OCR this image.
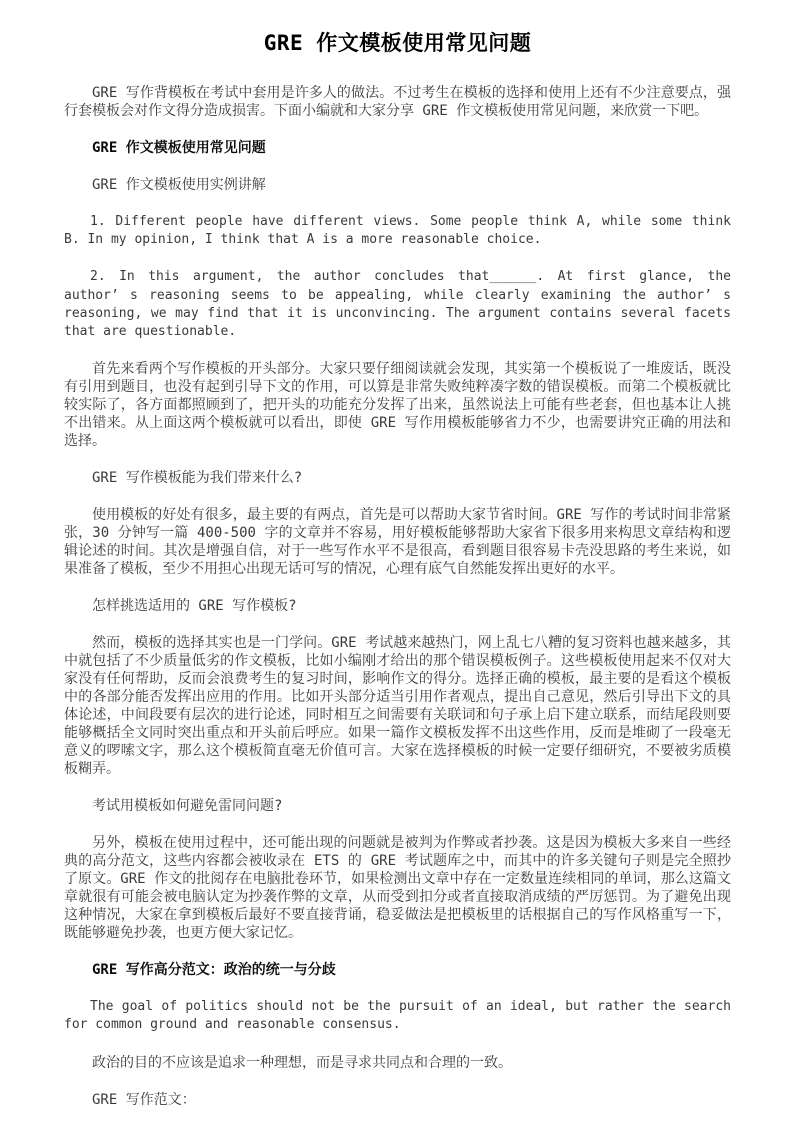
GRE 作文模板使用常见问题

GRE 写作背模板在考试中套用是许多人的做法。不过考生在模板的选择和使用上还有不少注意要点，强行套模板会对作文得分造成损害。下面小编就和大家分享 GRE 作文模板使用常见问题，来欣赏一下吧。

GRE 作文模板使用常见问题

GRE 作文模板使用实例讲解

1. Different people have different views. Some people think A, while some think B. In my opinion, I think that A is a more reasonable choice.

2. In this argument, the author concludes that______. At first glance, the author’ s reasoning seems to be appealing, while clearly examining the author’ s reasoning, we may find that it is unconvincing. The argument contains several facets that are questionable.

首先来看两个写作模板的开头部分。大家只要仔细阅读就会发现，其实第一个模板说了一堆废话，既没有引用到题目，也没有起到引导下文的作用，可以算是非常失败纯粹凑字数的错误模板。而第二个模板就比较实际了，各方面都照顾到了，把开头的功能充分发挥了出来，虽然说法上可能有些老套，但也基本让人挑不出错来。从上面这两个模板就可以看出，即使 GRE 写作用模板能够省力不少，也需要讲究正确的用法和选择。

GRE 写作模板能为我们带来什么?

使用模板的好处有很多，最主要的有两点，首先是可以帮助大家节省时间。GRE 写作的考试时间非常紧张，30 分钟写一篇 400-500 字的文章并不容易，用好模板能够帮助大家省下很多用来构思文章结构和逻辑论述的时间。其次是增强自信，对于一些写作水平不是很高，看到题目很容易卡壳没思路的考生来说，如果准备了模板，至少不用担心出现无话可写的情况，心理有底气自然能发挥出更好的水平。

怎样挑选适用的 GRE 写作模板?

然而，模板的选择其实也是一门学问。GRE 考试越来越热门，网上乱七八糟的复习资料也越来越多，其中就包括了不少质量低劣的作文模板，比如小编刚才给出的那个错误模板例子。这些模板使用起来不仅对大家没有任何帮助，反而会浪费考生的复习时间，影响作文的得分。选择正确的模板，最主要的是看这个模板中的各部分能否发挥出应用的作用。比如开头部分适当引用作者观点，提出自己意见，然后引导出下文的具体论述，中间段要有层次的进行论述，同时相互之间需要有关联词和句子承上启下建立联系，而结尾段则要能够概括全文同时突出重点和开头前后呼应。如果一篇作文模板发挥不出这些作用，反而是堆砌了一段毫无意义的啰嗦文字，那么这个模板简直毫无价值可言。大家在选择模板的时候一定要仔细研究，不要被劣质模板糊弄。

考试用模板如何避免雷同问题?

另外，模板在使用过程中，还可能出现的问题就是被判为作弊或者抄袭。这是因为模板大多来自一些经典的高分范文，这些内容都会被收录在 ETS 的 GRE 考试题库之中，而其中的许多关键句子则是完全照抄了原文。GRE 作文的批阅存在电脑批卷环节，如果检测出文章中存在一定数量连续相同的单词，那么这篇文章就很有可能会被电脑认定为抄袭作弊的文章，从而受到扣分或者直接取消成绩的严厉惩罚。为了避免出现这种情况，大家在拿到模板后最好不要直接背诵，稳妥做法是把模板里的话根据自己的写作风格重写一下，既能够避免抄袭，也更方便大家记忆。

GRE 写作高分范文：政治的统一与分歧

The goal of politics should not be the pursuit of an ideal, but rather the search for common ground and reasonable consensus.

政治的目的不应该是追求一种理想，而是寻求共同点和合理的一致。

GRE 写作范文：
